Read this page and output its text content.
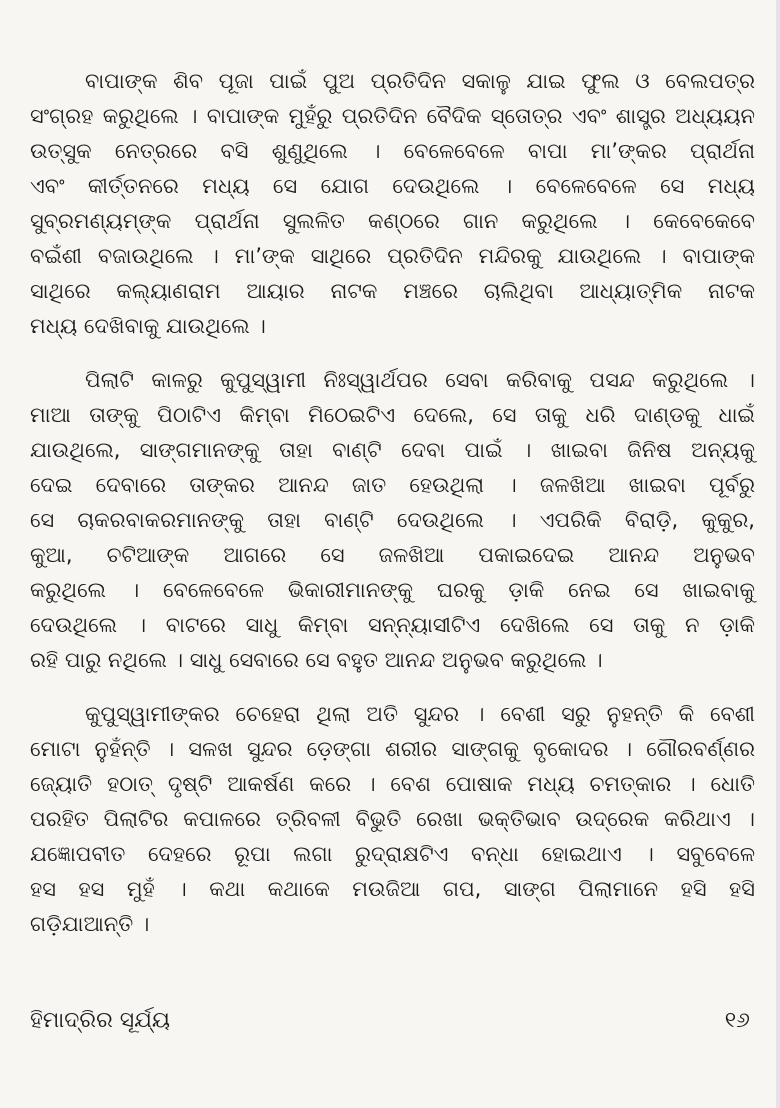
ବାପାଙ୍କ ଶିବ ପୂଜା ପାଇଁ ପୁଅ ପ୍ରତିଦିନ ସକାଳୁ ଯାଇ ଫୁଲ ଓ ବେଲପତ୍ର
ସଂଗ୍ରହ କରୁଥିଲେ । ବାପାଙ୍କ ମୁହଁରୁ ପ୍ରତିଦିନ ବୈଦିକ ସ୍ତୋତ୍ର ଏବଂ ଶାସ୍ତ୍ର ଅଧ୍ୟୟନ
ଉତ୍ସୁକ ନେତ୍ରରେ ବସି ଶୁଣୁଥିଲେ । ବେଳେବେଳେ ବାପା ମା’ଙ୍କର ପ୍ରାର୍ଥନା
ଏବଂ କୀର୍ତ୍ତନରେ ମଧ୍ୟ ସେ ଯୋଗ ଦେଉଥିଲେ । ବେଳେବେଳେ ସେ ମଧ୍ୟ
ସୁବ୍ରମଣ୍ୟମ୍‌ଙ୍କ ପ୍ରାର୍ଥନା ସୁଲଳିତ କଣ୍ଠରେ ଗାନ କରୁଥିଲେ । କେବେକେବେ
ବଇଁଶୀ ବଜାଉଥିଲେ । ମା’ଙ୍କ ସାଥିରେ ପ୍ରତିଦିନ ମନ୍ଦିରକୁ ଯାଉଥିଲେ । ବାପାଙ୍କ
ସାଥିରେ କଲ୍ୟାଣରାମ ଆୟାର ନାଟକ ମଞ୍ଚରେ ଚାଲିଥିବା ଆଧ୍ୟାତ୍ମିକ ନାଟକ
ମଧ୍ୟ ଦେଖିବାକୁ ଯାଉଥିଲେ ।
ପିଲାଟି କାଳରୁ କୁପୁସ୍ୱାମୀ ନିଃସ୍ୱାର୍ଥପର ସେବା କରିବାକୁ ପସନ୍ଦ କରୁଥିଲେ ।
ମାଆ ତାଙ୍କୁ ପିଠାଟିଏ କିମ୍ବା ମିଠେଇଟିଏ ଦେଲେ, ସେ ତାକୁ ଧରି ଦାଣ୍ଡକୁ ଧାଇଁ
ଯାଉଥିଲେ, ସାଙ୍ଗମାନଙ୍କୁ ତାହା ବାଣ୍ଟି ଦେବା ପାଇଁ । ଖାଇବା ଜିନିଷ ଅନ୍ୟକୁ
ଦେଇ ଦେବାରେ ତାଙ୍କର ଆନନ୍ଦ ଜାତ ହେଉଥିଲା । ଜଳଖିଆ ଖାଇବା ପୂର୍ବରୁ
ସେ ଚାକରବାକରମାନଙ୍କୁ ତାହା ବାଣ୍ଟି ଦେଉଥିଲେ । ଏପରିକି ବିରାଡ଼ି, କୁକୁର,
କୁଆ, ଚଟିଆଙ୍କ ଆଗରେ ସେ ଜଳଖିଆ ପକାଇଦେଇ ଆନନ୍ଦ ଅନୁଭବ
କରୁଥିଲେ । ବେଳେବେଳେ ଭିକାରୀମାନଙ୍କୁ ଘରକୁ ଡ଼ାକି ନେଇ ସେ ଖାଇବାକୁ
ଦେଉଥିଲେ । ବାଟରେ ସାଧୁ କିମ୍ବା ସନ୍ନ୍ୟାସୀଟିଏ ଦେଖିଲେ ସେ ତାକୁ ନ ଡ଼ାକି
ରହି ପାରୁ ନଥିଲେ । ସାଧୁ ସେବାରେ ସେ ବହୁତ ଆନନ୍ଦ ଅନୁଭବ କରୁଥିଲେ ।
କୁପୁସ୍ୱାମୀଙ୍କର ଚେହେରା ଥିଲା ଅତି ସୁନ୍ଦର । ବେଶୀ ସରୁ ନୁହନ୍ତି କି ବେଶୀ
ମୋଟା ନୁହଁନ୍ତି । ସଳଖ ସୁନ୍ଦର ଡ଼େଙ୍ଗା ଶରୀର ସାଙ୍ଗକୁ ବୃକୋଦର । ଗୌରବର୍ଣ୍ଣର
ଜ୍ୟୋତି ହଠାତ୍ ଦୃଷ୍ଟି ଆକର୍ଷଣ କରେ । ବେଶ ପୋଷାକ ମଧ୍ୟ ଚମତ୍କାର । ଧୋତି
ପରହିତ ପିଲାଟିର କପାଳରେ ତ୍ରିବଳୀ ବିଭୁତି ରେଖା ଭକ୍ତିଭାବ ଉଦ୍ରେକ କରିଥାଏ ।
ଯଜ୍ଞୋପବୀତ ଦେହରେ ରୂପା ଲଗା ରୁଦ୍ରାକ୍ଷଟିଏ ବନ୍ଧା ହୋଇଥାଏ । ସବୁବେଳେ
ହସ ହସ ମୁହଁ । କଥା କଥାକେ ମଉଜିଆ ଗପ, ସାଙ୍ଗ ପିଲାମାନେ ହସି ହସି
ଗଡ଼ିଯାଆନ୍ତି ।
ହିମାଦ୍ରିର ସୂର୍ଯ୍ୟ	୧୬
